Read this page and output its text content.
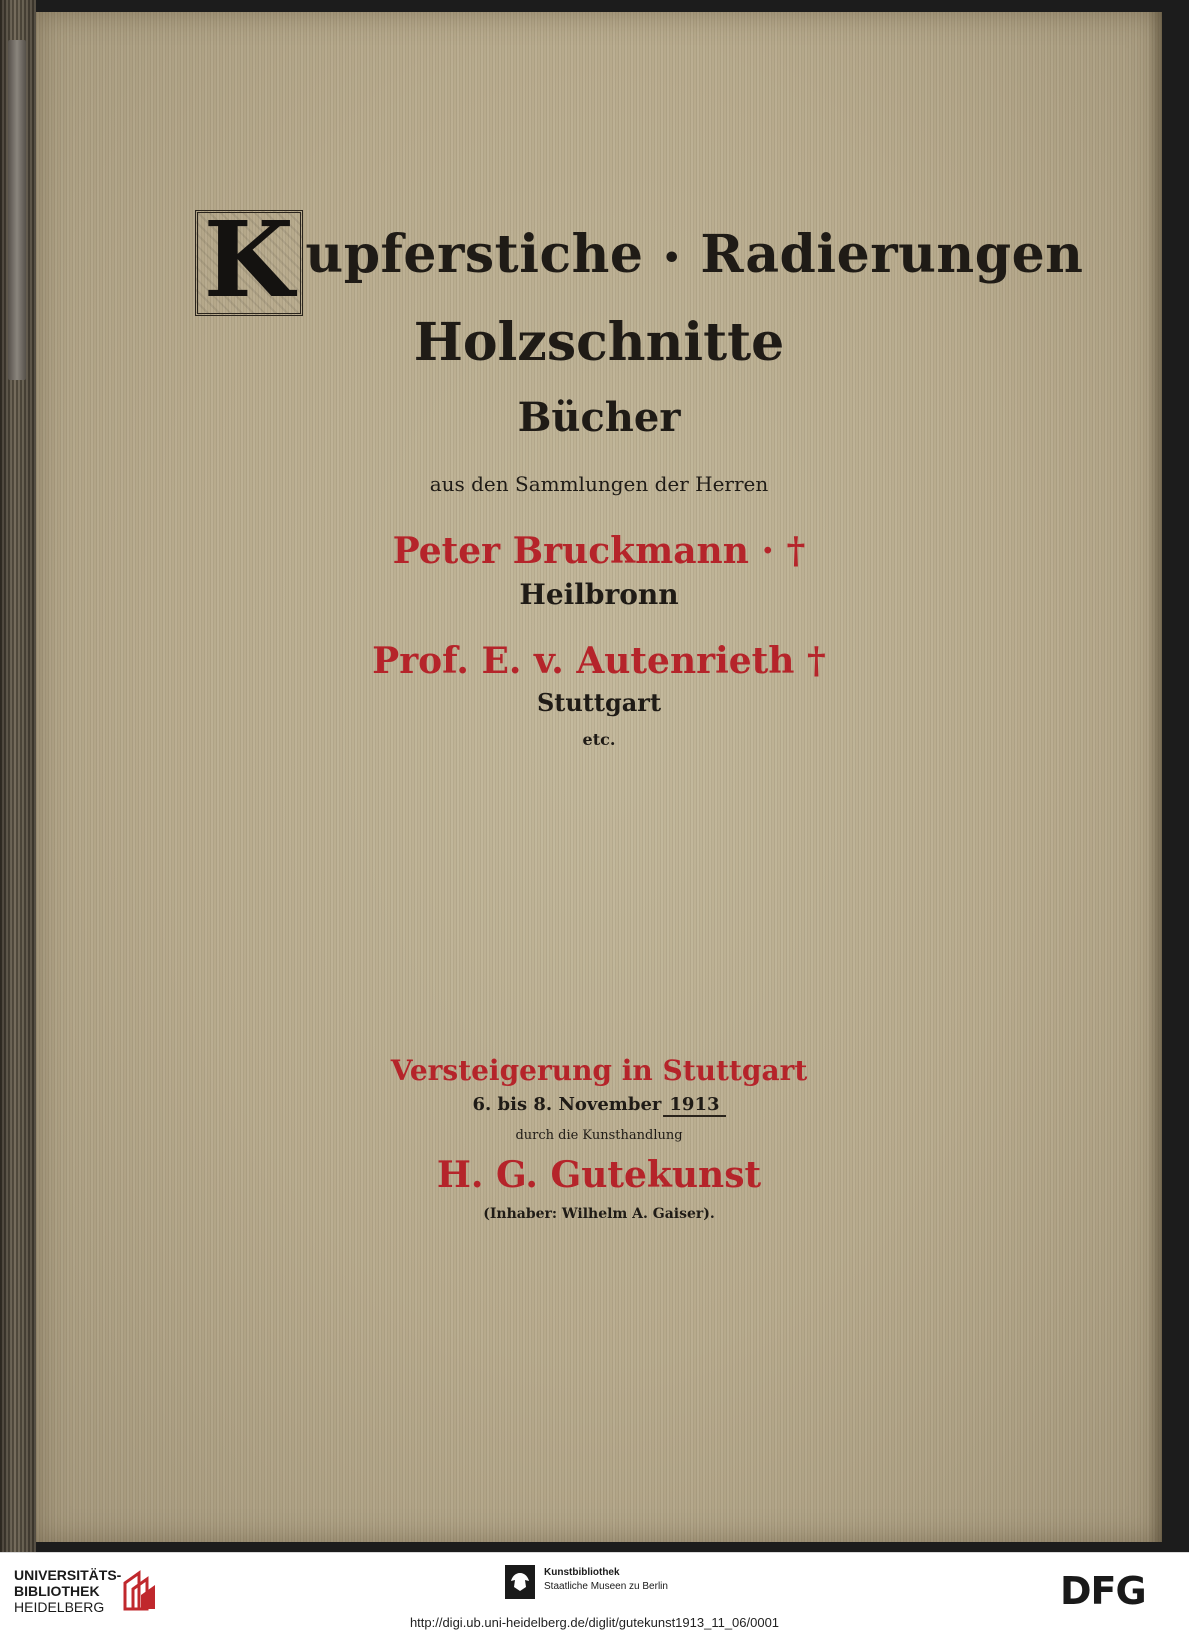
K upferstiche • Radierungen
Holzschnitte
Bücher
aus den Sammlungen der Herren
Peter Bruckmann · †
Heilbronn
Prof. E. v. Autenrieth †
Stuttgart
etc.
Versteigerung in Stuttgart
6. bis 8. November 1913
durch die Kunsthandlung
H. G. Gutekunst
(Inhaber: Wilhelm A. Gaiser).
UNIVERSITÄTS-
BIBLIOTHEK
HEIDELBERG
Kunstbibliothek
Staatliche Museen zu Berlin	DFG
http://digi.ub.uni-heidelberg.de/diglit/gutekunst1913_11_06/0001
